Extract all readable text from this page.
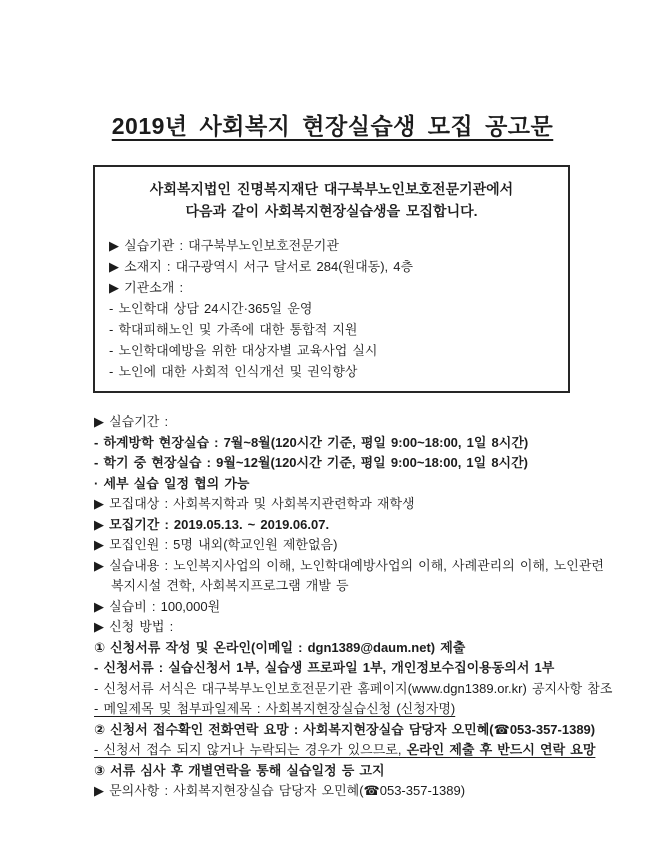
2019년 사회복지 현장실습생 모집 공고문
사회복지법인 진명복지재단 대구북부노인보호전문기관에서
다음과 같이 사회복지현장실습생을 모집합니다.
▶ 실습기관 : 대구북부노인보호전문기관
▶ 소재지 : 대구광역시 서구 달서로 284(원대동), 4층
▶ 기관소개 :
- 노인학대 상담 24시간·365일 운영
- 학대피해노인 및 가족에 대한 통합적 지원
- 노인학대예방을 위한 대상자별 교육사업 실시
- 노인에 대한 사회적 인식개선 및 권익향상
▶ 실습기간 :
- 하계방학 현장실습 : 7월~8월(120시간 기준, 평일 9:00~18:00, 1일 8시간)
- 학기 중 현장실습 : 9월~12월(120시간 기준, 평일 9:00~18:00, 1일 8시간)
· 세부 실습 일정 협의 가능
▶ 모집대상 : 사회복지학과 및 사회복지관련학과 재학생
▶ 모집기간 : 2019.05.13. ~ 2019.06.07.
▶ 모집인원 : 5명 내외(학교인원 제한없음)
▶ 실습내용 : 노인복지사업의 이해, 노인학대예방사업의 이해, 사례관리의 이해, 노인관련
복지시설 견학, 사회복지프로그램 개발 등
▶ 실습비 : 100,000원
▶ 신청 방법 :
① 신청서류 작성 및 온라인(이메일 : dgn1389@daum.net) 제출
- 신청서류 : 실습신청서 1부, 실습생 프로파일 1부, 개인정보수집이용동의서 1부
- 신청서류 서식은 대구북부노인보호전문기관 홈페이지(www.dgn1389.or.kr) 공지사항 참조
- 메일제목 및 첨부파일제목 : 사회복지현장실습신청 (신청자명)
② 신청서 접수확인 전화연락 요망 : 사회복지현장실습 담당자 오민혜(☎053-357-1389)
- 신청서 접수 되지 않거나 누락되는 경우가 있으므로, 온라인 제출 후 반드시 연락 요망
③ 서류 심사 후 개별연락을 통해 실습일정 등 고지
▶ 문의사항 : 사회복지현장실습 담당자 오민혜(☎053-357-1389)
